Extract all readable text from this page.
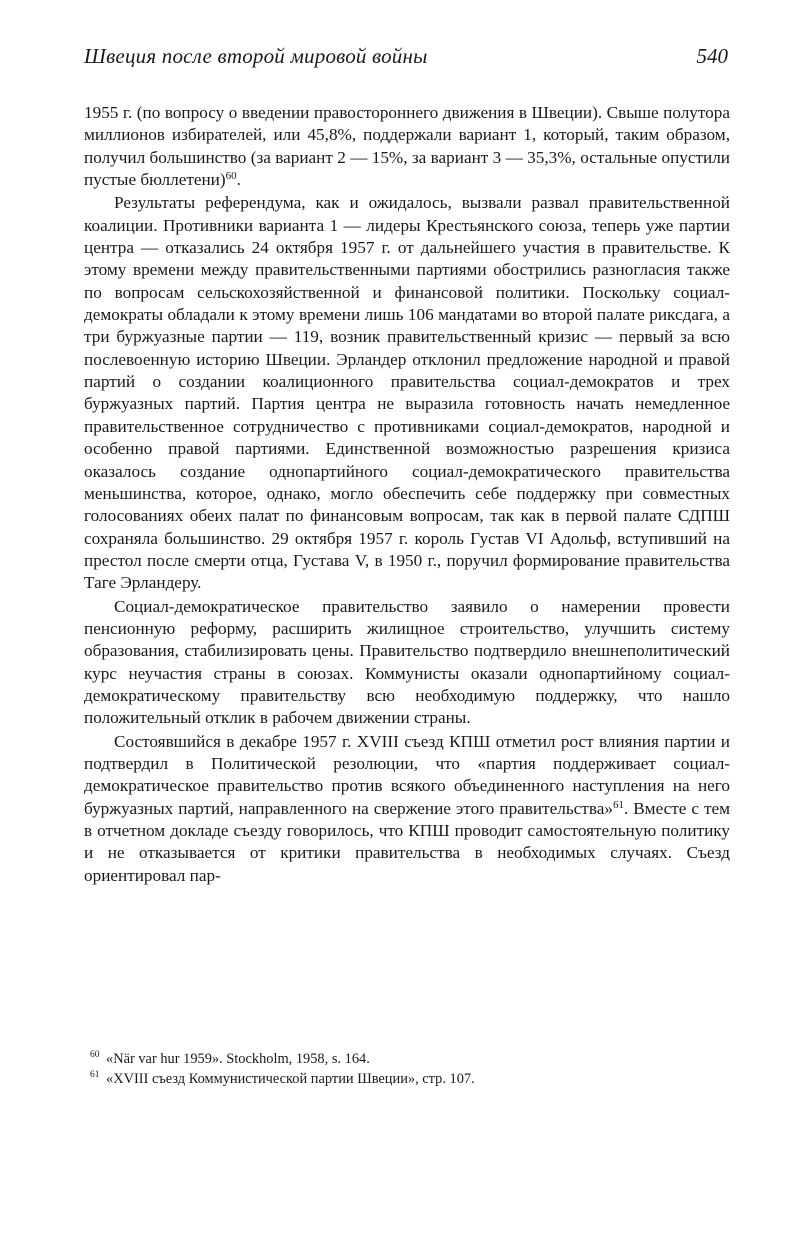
Швеция после второй мировой войны	540

1955 г. (по вопросу о введении правостороннего движения в Швеции). Свыше полутора миллионов избирателей, или 45,8%, поддержали вариант 1, который, таким образом, получил большинство (за вариант 2 — 15%, за вариант 3 — 35,3%, остальные опустили пустые бюллетени)$^{60}$.

Результаты референдума, как и ожидалось, вызвали развал правительственной коалиции. Противники варианта 1 — лидеры Крестьянского союза, теперь уже партии центра — отказались 24 октября 1957 г. от дальнейшего участия в правительстве. К этому времени между правительственными партиями обострились разногласия также по вопросам сельскохозяйственной и финансовой политики. Поскольку социал-демократы обладали к этому времени лишь 106 мандатами во второй палате риксдага, а три буржуазные партии — 119, возник правительственный кризис — первый за всю послевоенную историю Швеции. Эрландер отклонил предложение народной и правой партий о создании коалиционного правительства социал-демократов и трех буржуазных партий. Партия центра не выразила готовность начать немедленное правительственное сотрудничество с противниками социал-демократов, народной и особенно правой партиями. Единственной возможностью разрешения кризиса оказалось создание однопартийного социал-демократического правительства меньшинства, которое, однако, могло обеспечить себе поддержку при совместных голосованиях обеих палат по финансовым вопросам, так как в первой палате СДПШ сохраняла большинство. 29 октября 1957 г. король Густав VI Адольф, вступивший на престол после смерти отца, Густава V, в 1950 г., поручил формирование правительства Таге Эрландеру.

Социал-демократическое правительство заявило о намерении провести пенсионную реформу, расширить жилищное строительство, улучшить систему образования, стабилизировать цены. Правительство подтвердило внешнеполитический курс неучастия страны в союзах. Коммунисты оказали однопартийному социал-демократическому правительству всю необходимую поддержку, что нашло положительный отклик в рабочем движении страны.

Состоявшийся в декабре 1957 г. XVIII съезд КПШ отметил рост влияния партии и подтвердил в Политической резолюции, что «партия поддерживает социал-демократическое правительство против всякого объединенного наступления на него буржуазных партий, направленного на свержение этого правительства»$^{61}$. Вместе с тем в отчетном докладе съезду говорилось, что КПШ проводит самостоятельную политику и не отказывается от критики правительства в необходимых случаях. Съезд ориентировал пар-

60 «När var hur 1959». Stockholm, 1958, s. 164.
61 «XVIII съезд Коммунистической партии Швеции», стр. 107.
